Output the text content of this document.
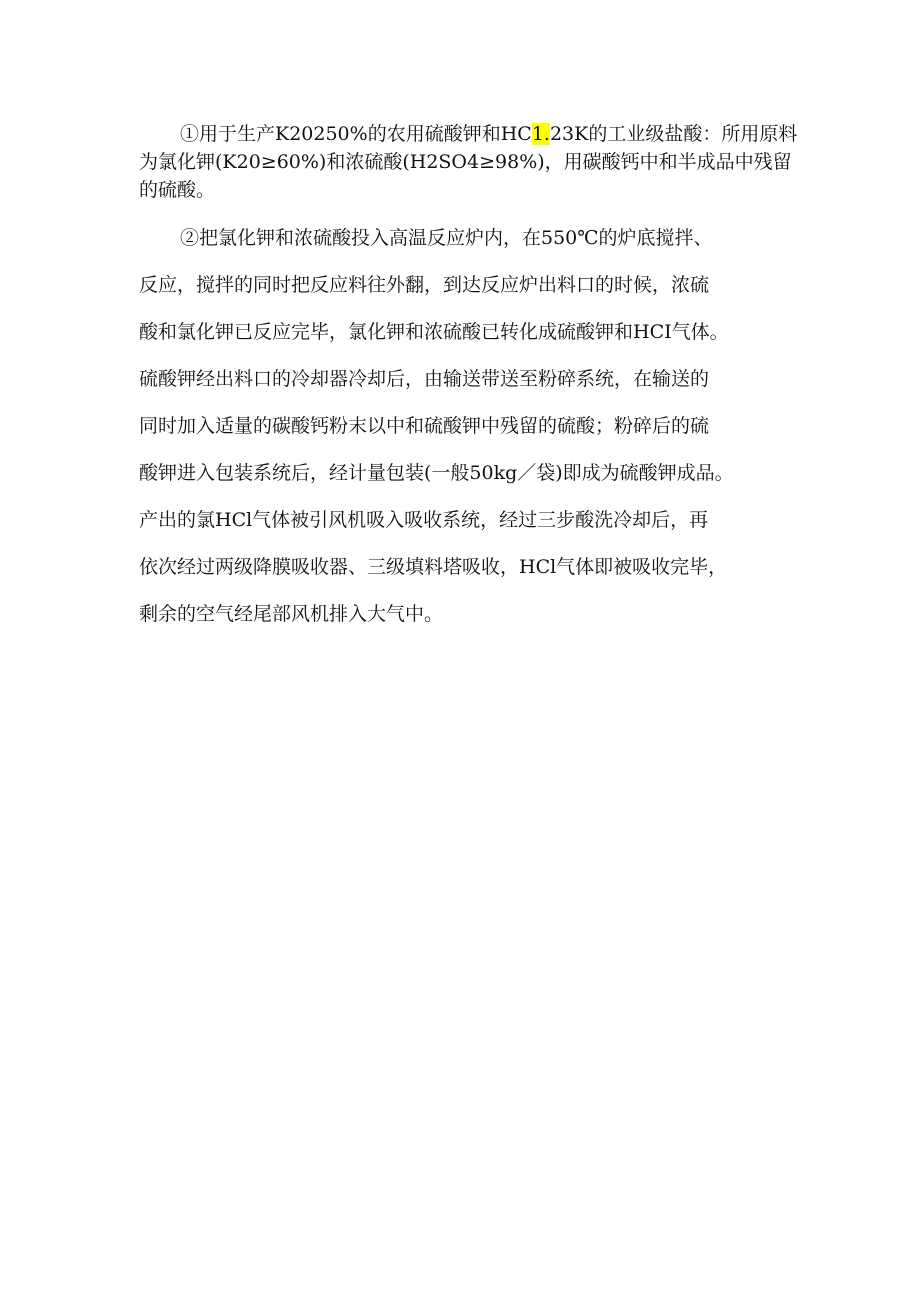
①用于生产K20250%的农用硫酸钾和HC1.23K的工业级盐酸：所用原料为氯化钾(K20≥60%)和浓硫酸(H2SO4≥98%)，用碳酸钙中和半成品中残留的硫酸。

②把氯化钾和浓硫酸投入高温反应炉内，在550℃的炉底搅拌、
反应，搅拌的同时把反应料往外翻，到达反应炉出料口的时候，浓硫
酸和氯化钾已反应完毕，氯化钾和浓硫酸已转化成硫酸钾和HCI气体。
硫酸钾经出料口的冷却器冷却后，由输送带送至粉碎系统，在输送的
同时加入适量的碳酸钙粉末以中和硫酸钾中残留的硫酸；粉碎后的硫
酸钾进入包装系统后，经计量包装(一般50kg／袋)即成为硫酸钾成品。
产出的氯HCl气体被引风机吸入吸收系统，经过三步酸洗冷却后，再
依次经过两级降膜吸收器、三级填料塔吸收，HCl气体即被吸收完毕，
剩余的空气经尾部风机排入大气中。
